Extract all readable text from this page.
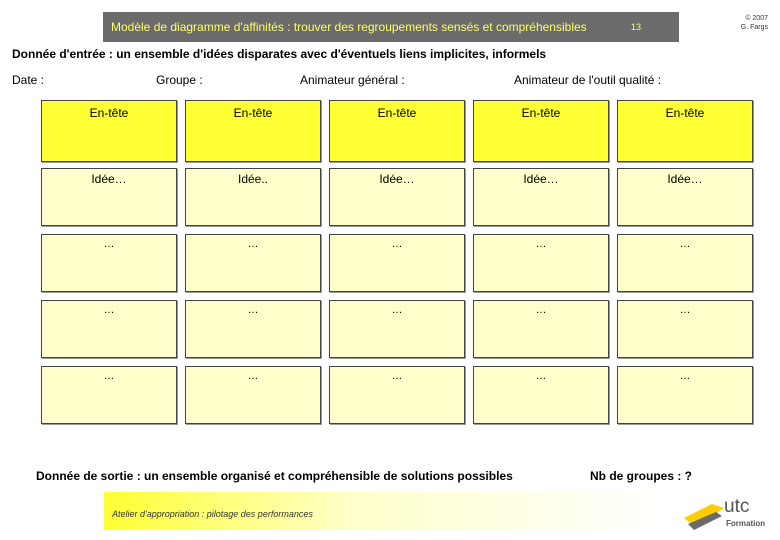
Modèle de diagramme d'affinités : trouver des regroupements sensés et compréhensibles	13
© 2007
G. Fargs
Donnée d'entrée : un ensemble d'idées disparates avec d'éventuels liens implicites, informels
Date :	Groupe :	Animateur général :	Animateur de l'outil qualité :
En-tête	En-tête	En-tête	En-tête	En-tête
Idée…	Idée..	Idée…	Idée…	Idée…
…	…	…	…	…
…	…	…	…	…
…	…	…	…	…
Donnée de sortie : un ensemble organisé et compréhensible de solutions possibles	Nb de groupes : ?
Atelier d'appropriation : pilotage des performances	utc
Formation
